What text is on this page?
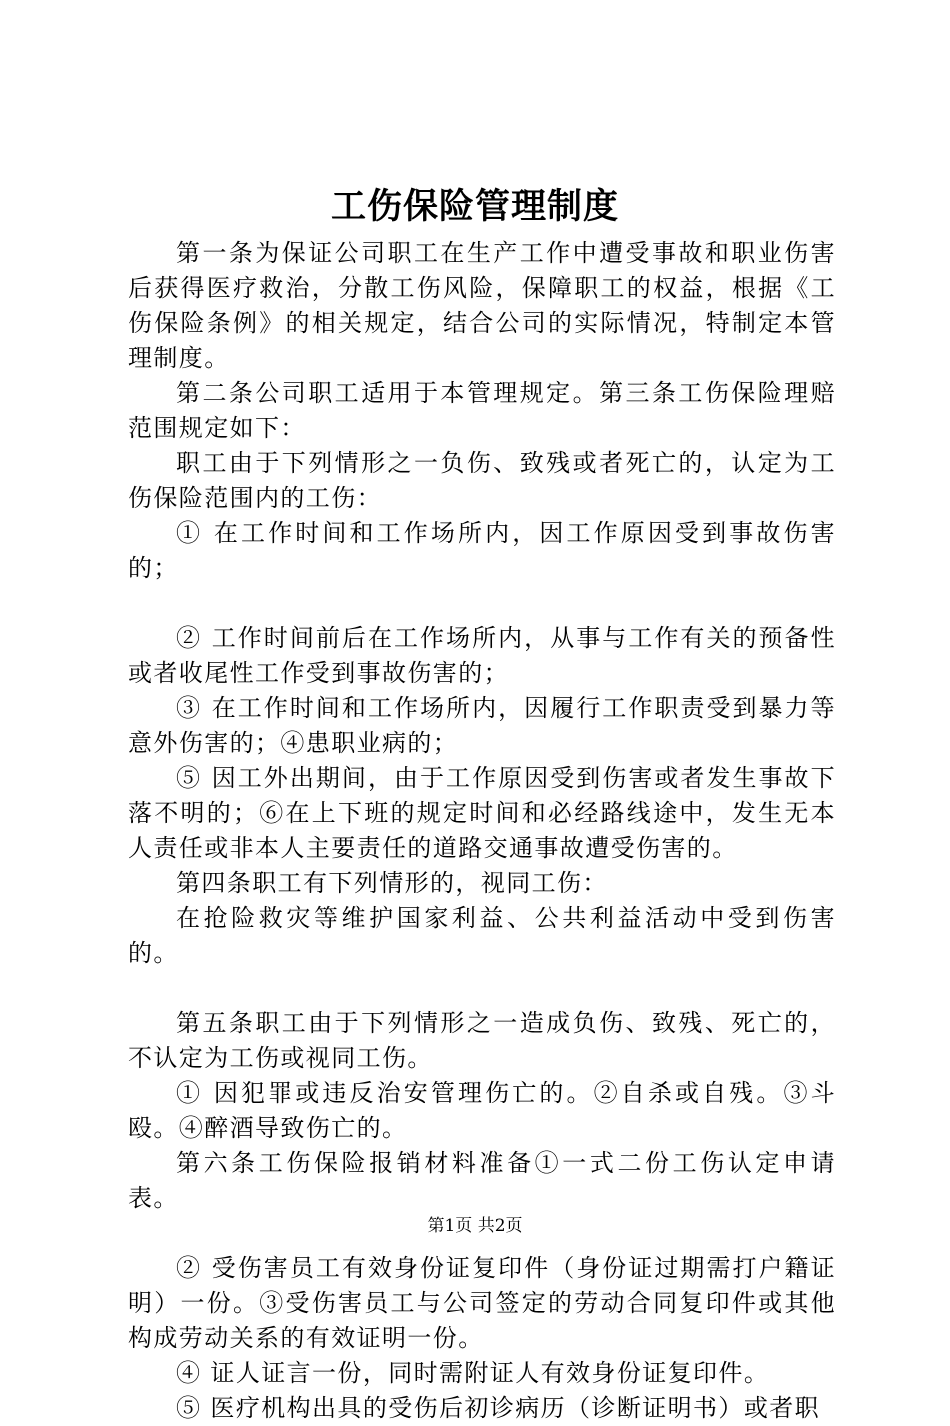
工伤保险管理制度

第一条为保证公司职工在生产工作中遭受事故和职业伤害后获得医疗救治，分散工伤风险，保障职工的权益，根据《工伤保险条例》的相关规定，结合公司的实际情况，特制定本管理制度。

第二条公司职工适用于本管理规定。第三条工伤保险理赔范围规定如下：

职工由于下列情形之一负伤、致残或者死亡的，认定为工伤保险范围内的工伤：

① 在工作时间和工作场所内，因工作原因受到事故伤害的；

② 工作时间前后在工作场所内，从事与工作有关的预备性或者收尾性工作受到事故伤害的；

③ 在工作时间和工作场所内，因履行工作职责受到暴力等意外伤害的；④患职业病的；

⑤ 因工外出期间，由于工作原因受到伤害或者发生事故下落不明的；⑥在上下班的规定时间和必经路线途中，发生无本人责任或非本人主要责任的道路交通事故遭受伤害的。

第四条职工有下列情形的，视同工伤：

在抢险救灾等维护国家利益、公共利益活动中受到伤害的。

第五条职工由于下列情形之一造成负伤、致残、死亡的，不认定为工伤或视同工伤。

① 因犯罪或违反治安管理伤亡的。②自杀或自残。③斗殴。④醉酒导致伤亡的。

第六条工伤保险报销材料准备①一式二份工伤认定申请表。

② 受伤害员工有效身份证复印件（身份证过期需打户籍证明）一份。③受伤害员工与公司签定的劳动合同复印件或其他构成劳动关系的有效证明一份。

④ 证人证言一份，同时需附证人有效身份证复印件。

⑤ 医疗机构出具的受伤后初诊病历（诊断证明书）或者职

第1页 共2页
